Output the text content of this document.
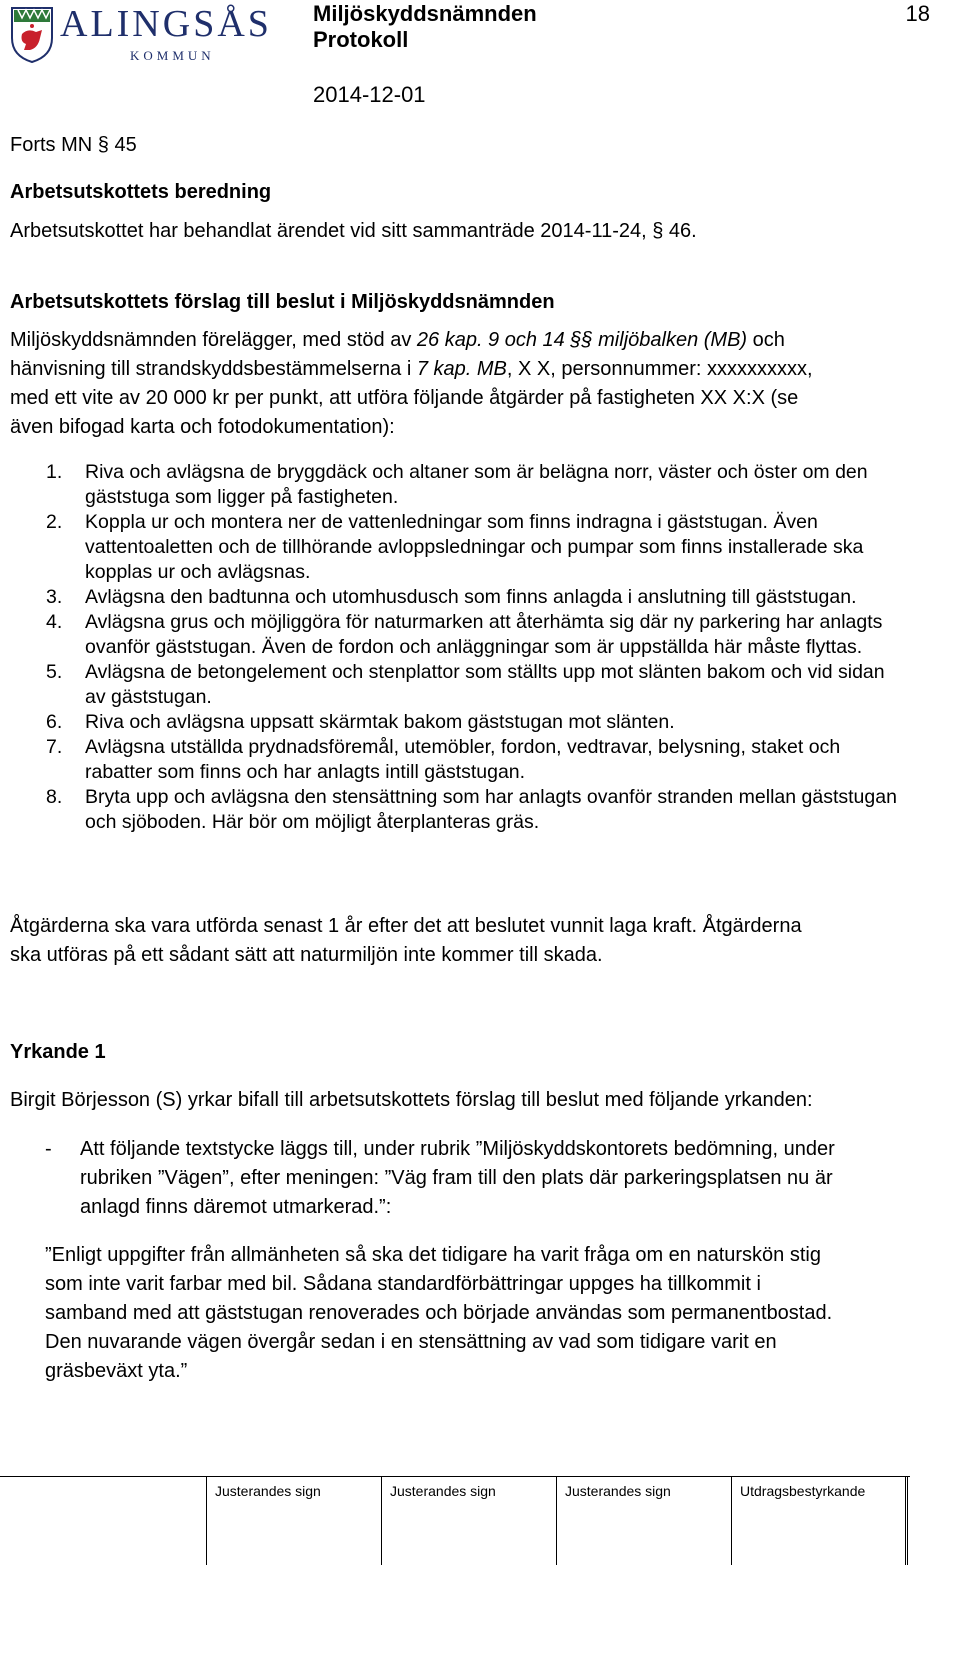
ALINGSÅS
KOMMUN
Miljöskyddsnämnden
Protokoll
2014-12-01
18
Forts MN § 45
Arbetsutskottets beredning
Arbetsutskottet har behandlat ärendet vid sitt sammanträde 2014-11-24, § 46.
Arbetsutskottets förslag till beslut i Miljöskyddsnämnden
Miljöskyddsnämnden förelägger, med stöd av 26 kap. 9 och 14 §§ miljöbalken (MB) och
hänvisning till strandskyddsbestämmelserna i 7 kap. MB, X X, personnummer: xxxxxxxxxx,
med ett vite av 20 000 kr per punkt, att utföra följande åtgärder på fastigheten XX X:X (se
även bifogad karta och fotodokumentation):
1. Riva och avlägsna de bryggdäck och altaner som är belägna norr, väster och öster om den gäststuga som ligger på fastigheten.
2. Koppla ur och montera ner de vattenledningar som finns indragna i gäststugan. Även vattentoaletten och de tillhörande avloppsledningar och pumpar som finns installerade ska kopplas ur och avlägsnas.
3. Avlägsna den badtunna och utomhusdusch som finns anlagda i anslutning till gäststugan.
4. Avlägsna grus och möjliggöra för naturmarken att återhämta sig där ny parkering har anlagts ovanför gäststugan. Även de fordon och anläggningar som är uppställda här måste flyttas.
5. Avlägsna de betongelement och stenplattor som ställts upp mot slänten bakom och vid sidan av gäststugan.
6. Riva och avlägsna uppsatt skärmtak bakom gäststugan mot slänten.
7. Avlägsna utställda prydnadsföremål, utemöbler, fordon, vedtravar, belysning, staket och rabatter som finns och har anlagts intill gäststugan.
8. Bryta upp och avlägsna den stensättning som har anlagts ovanför stranden mellan gäststugan och sjöboden. Här bör om möjligt återplanteras gräs.
Åtgärderna ska vara utförda senast 1 år efter det att beslutet vunnit laga kraft. Åtgärderna
ska utföras på ett sådant sätt att naturmiljön inte kommer till skada.
Yrkande 1
Birgit Börjesson (S) yrkar bifall till arbetsutskottets förslag till beslut med följande yrkanden:
- Att följande textstycke läggs till, under rubrik ”Miljöskyddskontorets bedömning, under
rubriken ”Vägen”, efter meningen: ”Väg fram till den plats där parkeringsplatsen nu är
anlagd finns däremot utmarkerad.”:
”Enligt uppgifter från allmänheten så ska det tidigare ha varit fråga om en naturskön stig
som inte varit farbar med bil. Sådana standardförbättringar uppges ha tillkommit i
samband med att gäststugan renoverades och började användas som permanentbostad.
Den nuvarande vägen övergår sedan i en stensättning av vad som tidigare varit en
gräsbeväxt yta.”
Justerandes sign	Justerandes sign	Justerandes sign	Utdragsbestyrkande
